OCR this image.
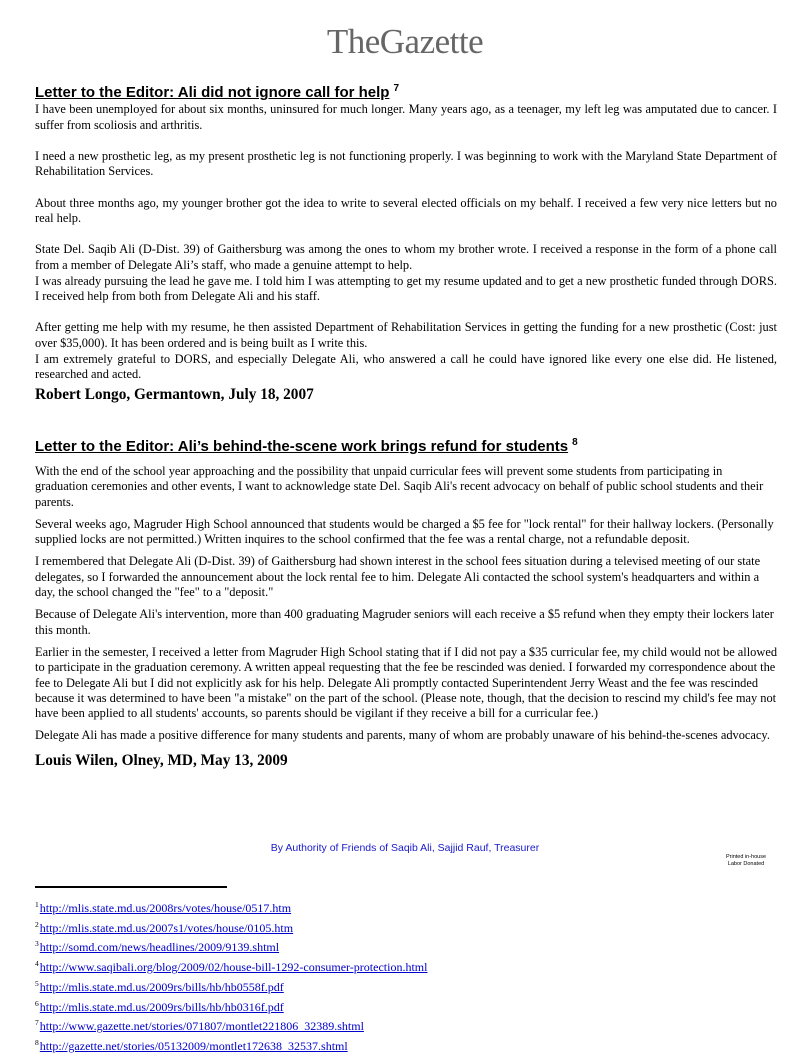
TheGazette
Letter to the Editor: Ali did not ignore call for help $^7$

I have been unemployed for about six months, uninsured for much longer. Many years ago, as a teenager, my left leg was amputated due to cancer. I suffer from scoliosis and arthritis.

I need a new prosthetic leg, as my present prosthetic leg is not functioning properly. I was beginning to work with the Maryland State Department of Rehabilitation Services.

About three months ago, my younger brother got the idea to write to several elected officials on my behalf. I received a few very nice letters but no real help.

State Del. Saqib Ali (D-Dist. 39) of Gaithersburg was among the ones to whom my brother wrote. I received a response in the form of a phone call from a member of Delegate Ali’s staff, who made a genuine attempt to help.

I was already pursuing the lead he gave me. I told him I was attempting to get my resume updated and to get a new prosthetic funded through DORS. I received help from both from Delegate Ali and his staff.

After getting me help with my resume, he then assisted Department of Rehabilitation Services in getting the funding for a new prosthetic (Cost: just over $35,000). It has been ordered and is being built as I write this.

I am extremely grateful to DORS, and especially Delegate Ali, who answered a call he could have ignored like every one else did. He listened, researched and acted.

Robert Longo, Germantown, July 18, 2007
Letter to the Editor: Ali’s behind-the-scene work brings refund for students $^8$

With the end of the school year approaching and the possibility that unpaid curricular fees will prevent some students from participating in graduation ceremonies and other events, I want to acknowledge state Del. Saqib Ali's recent advocacy on behalf of public school students and their parents.

Several weeks ago, Magruder High School announced that students would be charged a $5 fee for "lock rental" for their hallway lockers. (Personally supplied locks are not permitted.) Written inquires to the school confirmed that the fee was a rental charge, not a refundable deposit.

I remembered that Delegate Ali (D-Dist. 39) of Gaithersburg had shown interest in the school fees situation during a televised meeting of our state delegates, so I forwarded the announcement about the lock rental fee to him. Delegate Ali contacted the school system's headquarters and within a day, the school changed the "fee" to a "deposit."

Because of Delegate Ali's intervention, more than 400 graduating Magruder seniors will each receive a $5 refund when they empty their lockers later this month.

Earlier in the semester, I received a letter from Magruder High School stating that if I did not pay a $35 curricular fee, my child would not be allowed to participate in the graduation ceremony. A written appeal requesting that the fee be rescinded was denied. I forwarded my correspondence about the fee to Delegate Ali but I did not explicitly ask for his help. Delegate Ali promptly contacted Superintendent Jerry Weast and the fee was rescinded because it was determined to have been "a mistake" on the part of the school. (Please note, though, that the decision to rescind my child's fee may not have been applied to all students' accounts, so parents should be vigilant if they receive a bill for a curricular fee.)

Delegate Ali has made a positive difference for many students and parents, many of whom are probably unaware of his behind-the-scenes advocacy.

Louis Wilen, Olney, MD, May 13, 2009
By Authority of Friends of Saqib Ali, Sajjid Rauf, Treasurer
Printed in-house
Labor Donated
$^1$http://mlis.state.md.us/2008rs/votes/house/0517.htm
$^2$http://mlis.state.md.us/2007s1/votes/house/0105.htm
$^3$http://somd.com/news/headlines/2009/9139.shtml
$^4$http://www.saqibali.org/blog/2009/02/house-bill-1292-consumer-protection.html
$^5$http://mlis.state.md.us/2009rs/bills/hb/hb0558f.pdf
$^6$http://mlis.state.md.us/2009rs/bills/hb/hb0316f.pdf
$^7$http://www.gazette.net/stories/071807/montlet221806_32389.shtml
$^8$http://gazette.net/stories/05132009/montlet172638_32537.shtml
